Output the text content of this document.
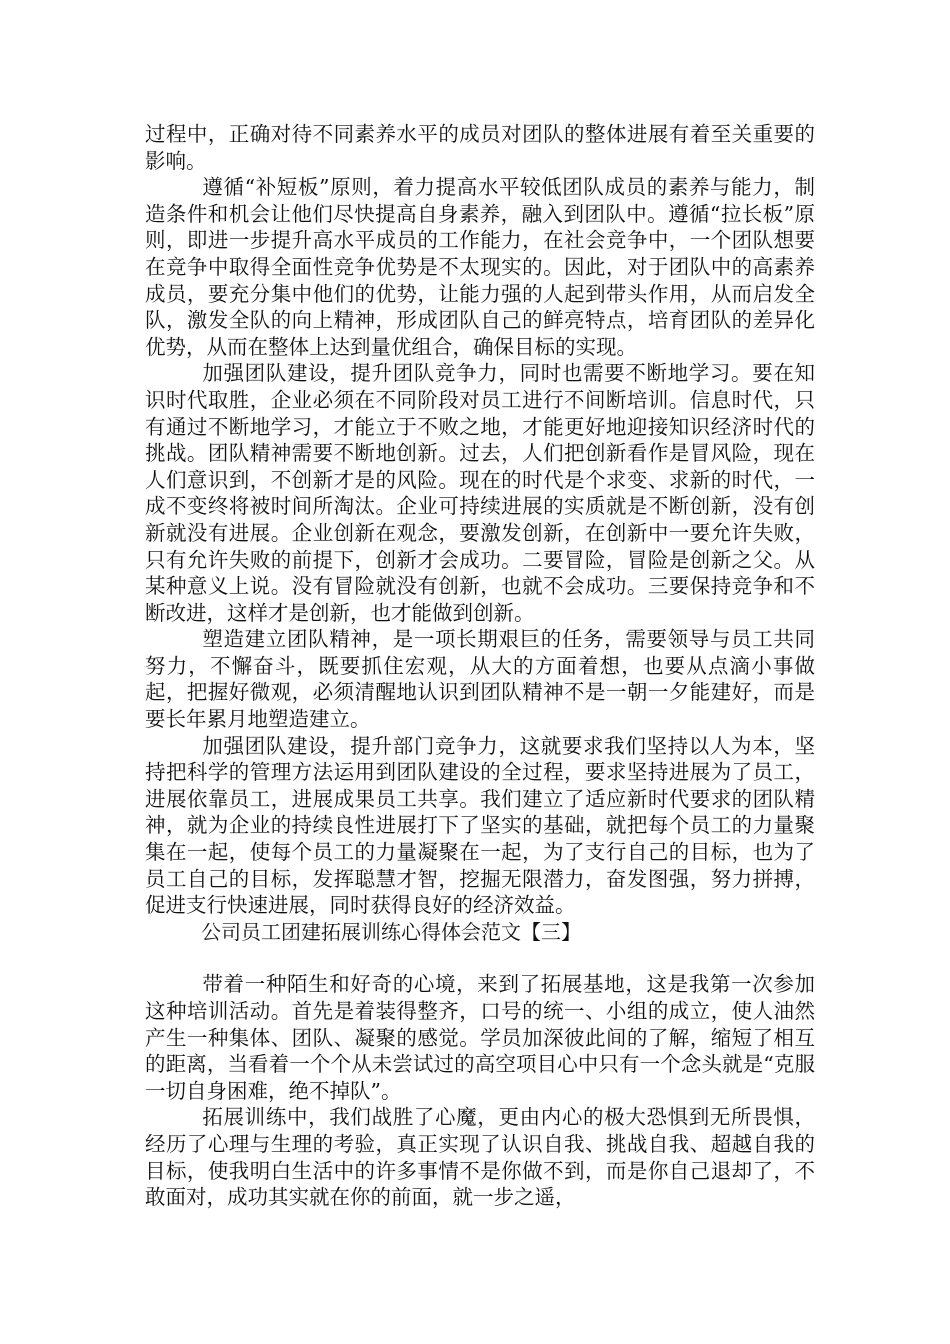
过程中，正确对待不同素养水平的成员对团队的整体进展有着至关重要的影响。

遵循“补短板”原则，着力提高水平较低团队成员的素养与能力，制造条件和机会让他们尽快提高自身素养，融入到团队中。遵循“拉长板”原则，即进一步提升高水平成员的工作能力，在社会竞争中，一个团队想要在竞争中取得全面性竞争优势是不太现实的。因此，对于团队中的高素养成员，要充分集中他们的优势，让能力强的人起到带头作用，从而启发全队，激发全队的向上精神，形成团队自己的鲜亮特点，培育团队的差异化优势，从而在整体上达到量优组合，确保目标的实现。

加强团队建设，提升团队竞争力，同时也需要不断地学习。要在知识时代取胜，企业必须在不同阶段对员工进行不间断培训。信息时代，只有通过不断地学习，才能立于不败之地，才能更好地迎接知识经济时代的挑战。团队精神需要不断地创新。过去，人们把创新看作是冒风险，现在人们意识到，不创新才是的风险。现在的时代是个求变、求新的时代，一成不变终将被时间所淘汰。企业可持续进展的实质就是不断创新，没有创新就没有进展。企业创新在观念，要激发创新，在创新中一要允许失败，只有允许失败的前提下，创新才会成功。二要冒险，冒险是创新之父。从某种意义上说。没有冒险就没有创新，也就不会成功。三要保持竞争和不断改进，这样才是创新，也才能做到创新。

塑造建立团队精神，是一项长期艰巨的任务，需要领导与员工共同努力，不懈奋斗，既要抓住宏观，从大的方面着想，也要从点滴小事做起，把握好微观，必须清醒地认识到团队精神不是一朝一夕能建好，而是要长年累月地塑造建立。

加强团队建设，提升部门竞争力，这就要求我们坚持以人为本，坚持把科学的管理方法运用到团队建设的全过程，要求坚持进展为了员工，进展依靠员工，进展成果员工共享。我们建立了适应新时代要求的团队精神，就为企业的持续良性进展打下了坚实的基础，就把每个员工的力量聚集在一起，使每个员工的力量凝聚在一起，为了支行自己的目标，也为了员工自己的目标，发挥聪慧才智，挖掘无限潜力，奋发图强，努力拼搏，促进支行快速进展，同时获得良好的经济效益。

公司员工团建拓展训练心得体会范文【三】

带着一种陌生和好奇的心境，来到了拓展基地，这是我第一次参加这种培训活动。首先是着装得整齐，口号的统一、小组的成立，使人油然产生一种集体、团队、凝聚的感觉。学员加深彼此间的了解，缩短了相互的距离，当看着一个个从未尝试过的高空项目心中只有一个念头就是“克服一切自身困难，绝不掉队”。

拓展训练中，我们战胜了心魔，更由内心的极大恐惧到无所畏惧，经历了心理与生理的考验，真正实现了认识自我、挑战自我、超越自我的目标，使我明白生活中的许多事情不是你做不到，而是你自己退却了，不敢面对，成功其实就在你的前面，就一步之遥，
